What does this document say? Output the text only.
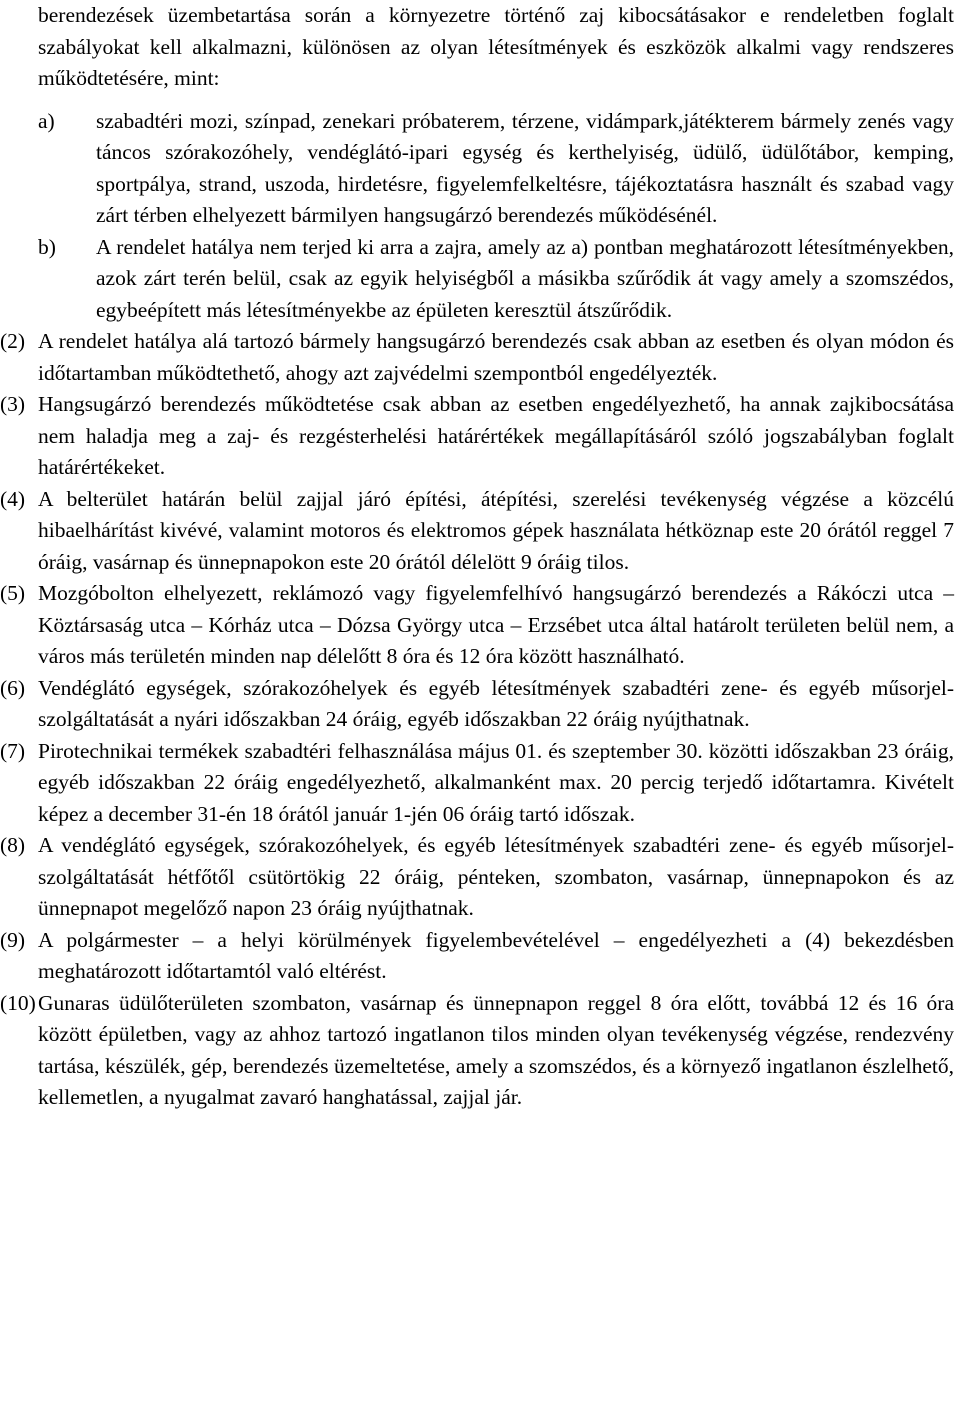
berendezések üzembetartása során a környezetre történő zaj kibocsátásakor e rendeletben foglalt szabályokat kell alkalmazni, különösen az olyan létesítmények és eszközök alkalmi vagy rendszeres működtetésére, mint:

a) szabadtéri mozi, színpad, zenekari próbaterem, térzene, vidámpark,játékterem bármely zenés vagy táncos szórakozóhely, vendéglátó-ipari egység és kerthelyiség, üdülő, üdülőtábor, kemping, sportpálya, strand, uszoda, hirdetésre, figyelemfelkeltésre, tájékoztatásra használt és szabad vagy zárt térben elhelyezett bármilyen hangsugárzó berendezés működésénél.
b) A rendelet hatálya nem terjed ki arra a zajra, amely az a) pontban meghatározott létesítményekben, azok zárt terén belül, csak az egyik helyiségből a másikba szűrődik át vagy amely a szomszédos, egybeépített más létesítményekbe az épületen keresztül átszűrődik.
(2) A rendelet hatálya alá tartozó bármely hangsugárzó berendezés csak abban az esetben és olyan módon és időtartamban működtethető, ahogy azt zajvédelmi szempontból engedélyezték.
(3) Hangsugárzó berendezés működtetése csak abban az esetben engedélyezhető, ha annak zajkibocsátása nem haladja meg a zaj- és rezgésterhelési határértékek megállapításáról szóló jogszabályban foglalt határértékeket.
(4) A belterület határán belül zajjal járó építési, átépítési, szerelési tevékenység végzése a közcélú hibaelhárítást kivévé, valamint motoros és elektromos gépek használata hétköznap este 20 órától reggel 7 óráig, vasárnap és ünnepnapokon este 20 órától délelött 9 óráig tilos.
(5) Mozgóbolton elhelyezett, reklámozó vagy figyelemfelhívó hangsugárzó berendezés a Rákóczi utca – Köztársaság utca – Kórház utca – Dózsa György utca – Erzsébet utca által határolt területen belül nem, a város más területén minden nap délelőtt 8 óra és 12 óra között használható.
(6) Vendéglátó egységek, szórakozóhelyek és egyéb létesítmények szabadtéri zene- és egyéb műsorjel-szolgáltatását a nyári időszakban 24 óráig, egyéb időszakban 22 óráig nyújthatnak.
(7) Pirotechnikai termékek szabadtéri felhasználása május 01. és szeptember 30. közötti időszakban 23 óráig, egyéb időszakban 22 óráig engedélyezhető, alkalmanként max. 20 percig terjedő időtartamra. Kivételt képez a december 31-én 18 órától január 1-jén 06 óráig tartó időszak.
(8) A vendéglátó egységek, szórakozóhelyek, és egyéb létesítmények szabadtéri zene- és egyéb műsorjel-szolgáltatását hétfőtől csütörtökig 22 óráig, pénteken, szombaton, vasárnap, ünnepnapokon és az ünnepnapot megelőző napon 23 óráig nyújthatnak.
(9) A polgármester – a helyi körülmények figyelembevételével – engedélyezheti a (4) bekezdésben meghatározott időtartamtól való eltérést.
(10) Gunaras üdülőterületen szombaton, vasárnap és ünnepnapon reggel 8 óra előtt, továbbá 12 és 16 óra között épületben, vagy az ahhoz tartozó ingatlanon tilos minden olyan tevékenység végzése, rendezvény tartása, készülék, gép, berendezés üzemeltetése, amely a szomszédos, és a környező ingatlanon észlelhető, kellemetlen, a nyugalmat zavaró hanghatással, zajjal jár.
